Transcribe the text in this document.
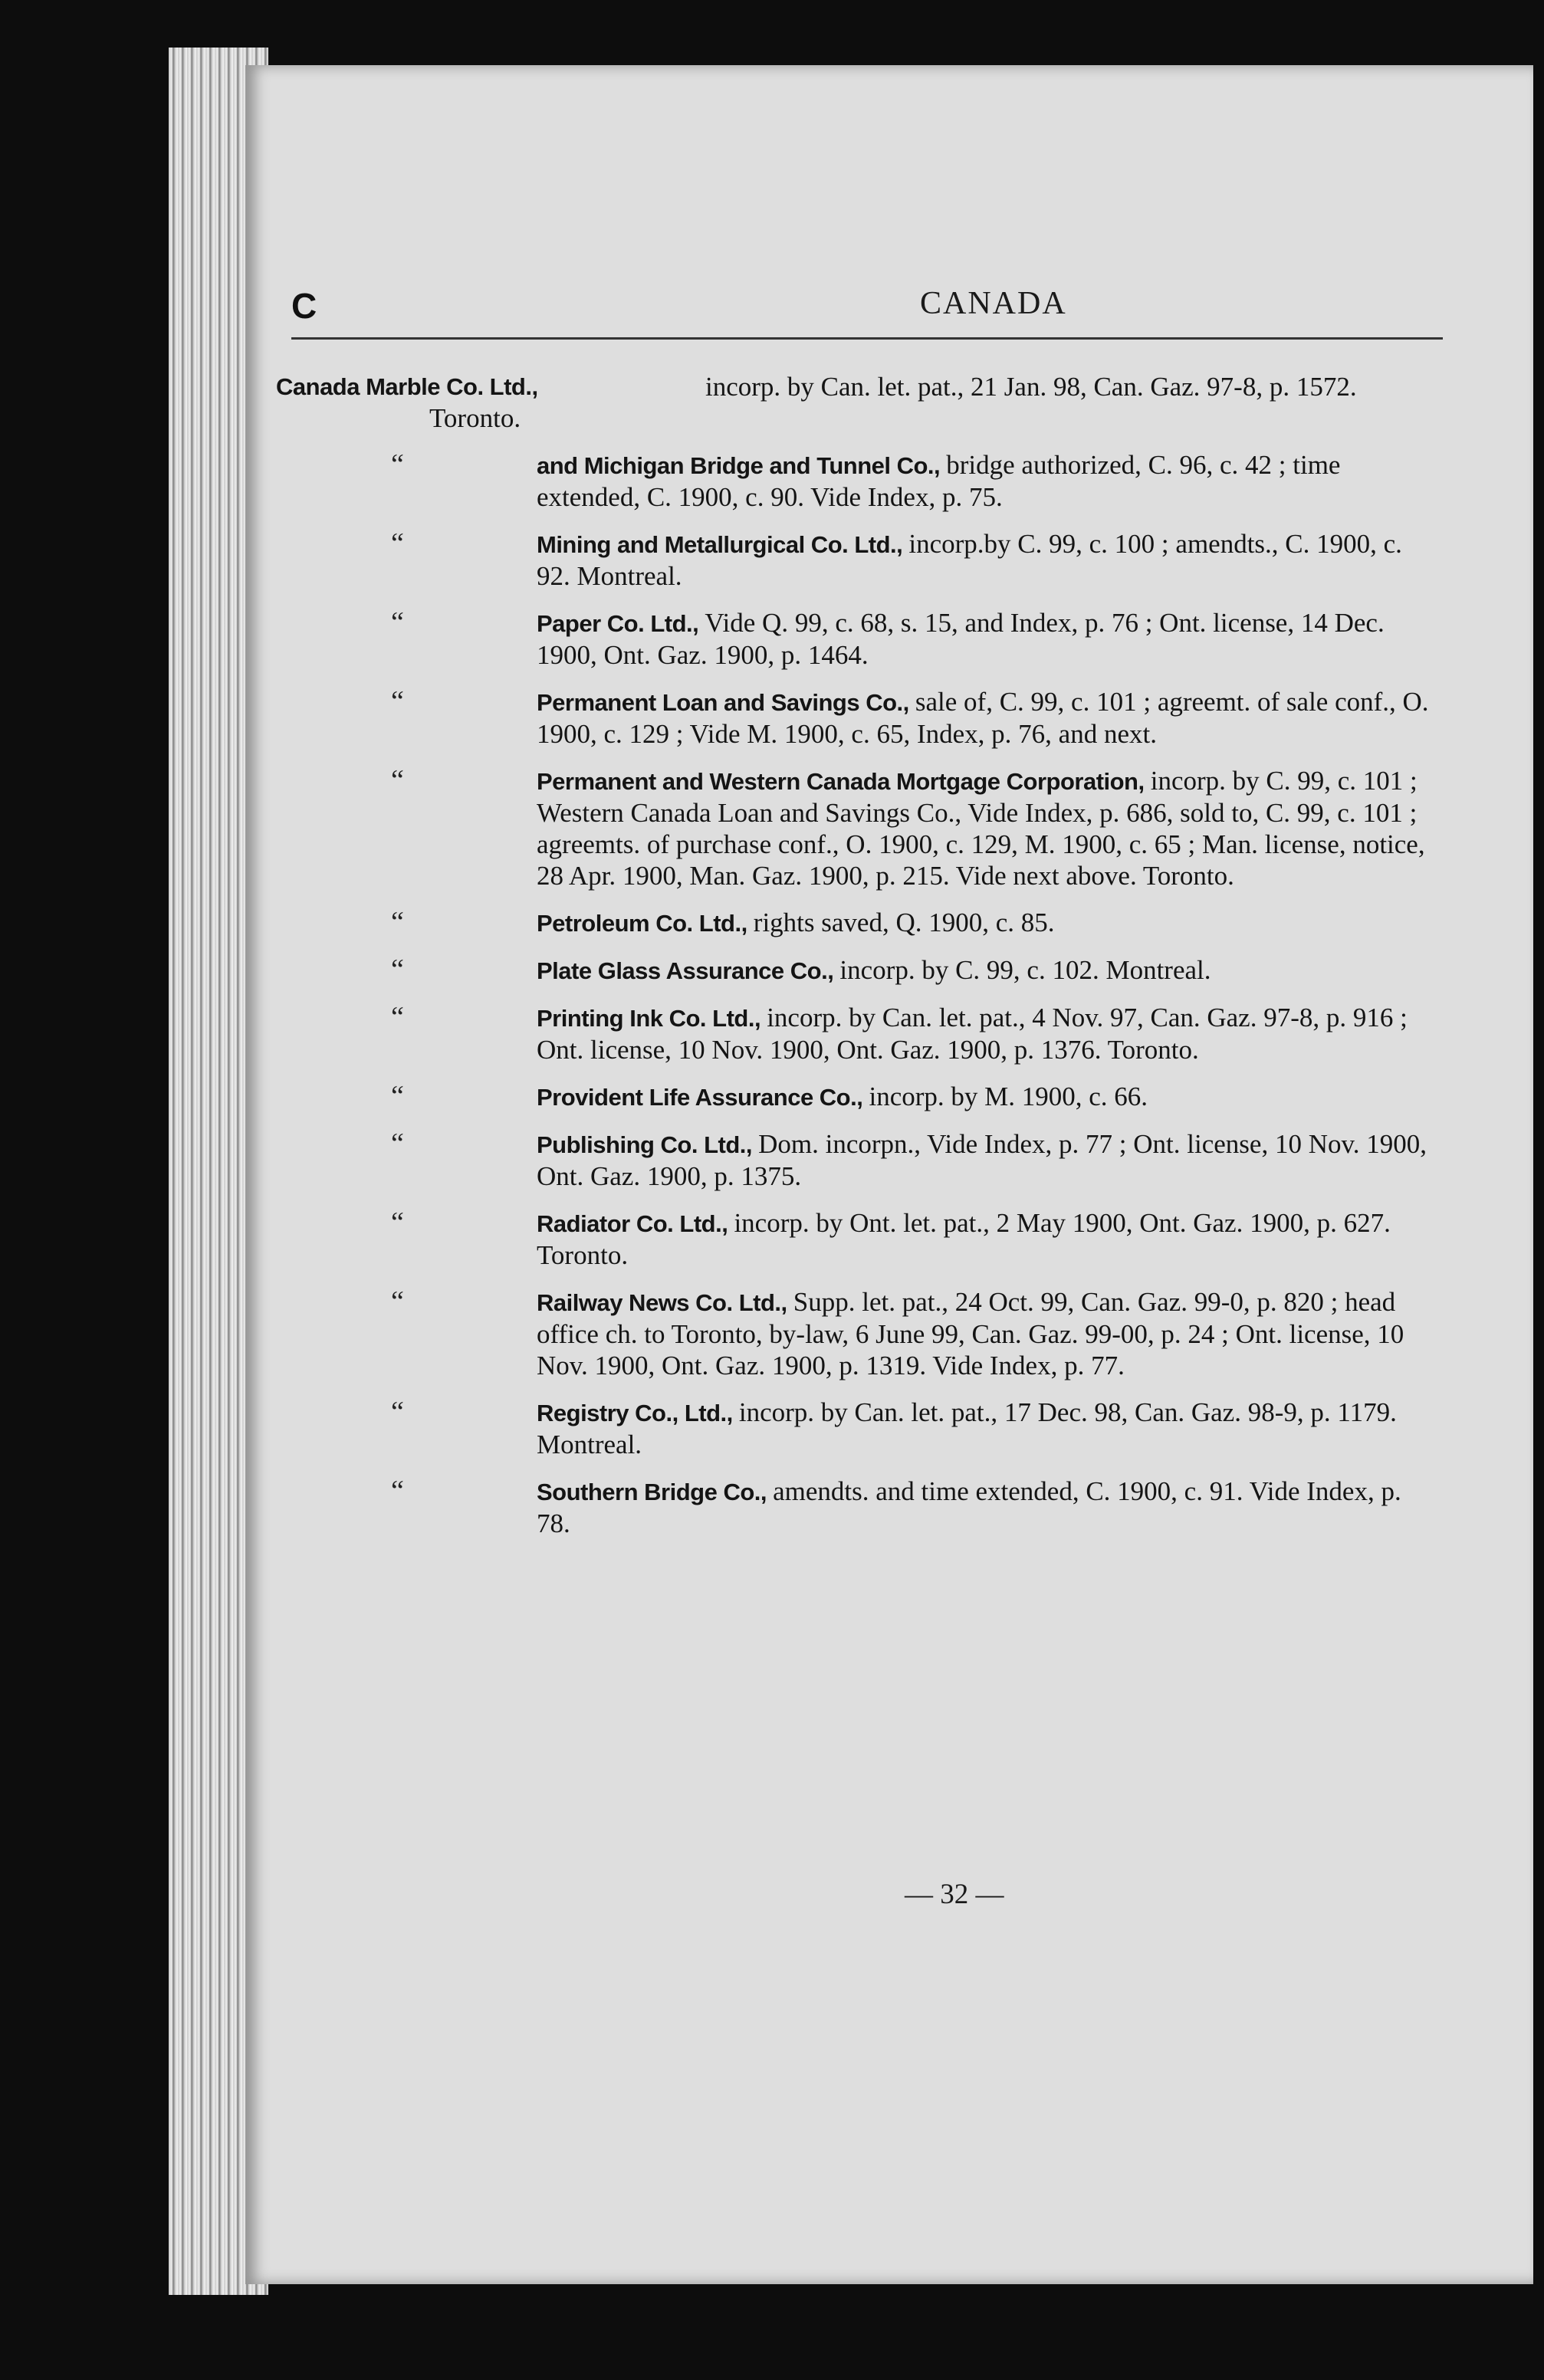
C	CANADA
Canada Marble Co. Ltd.,	incorp. by Can. let. pat., 21 Jan. 98, Can. Gaz. 97-8, p. 1572. Toronto.
“	and Michigan Bridge and Tunnel Co., bridge authorized, C. 96, c. 42 ; time extended, C. 1900, c. 90. Vide Index, p. 75.
“	Mining and Metallurgical Co. Ltd., incorp.by C. 99, c. 100 ; amendts., C. 1900, c. 92. Montreal.
“	Paper Co. Ltd., Vide Q. 99, c. 68, s. 15, and Index, p. 76 ; Ont. license, 14 Dec. 1900, Ont. Gaz. 1900, p. 1464.
“	Permanent Loan and Savings Co., sale of, C. 99, c. 101 ; agreemt. of sale conf., O. 1900, c. 129 ; Vide M. 1900, c. 65, Index, p. 76, and next.
“	Permanent and Western Canada Mortgage Corporation, incorp. by C. 99, c. 101 ; Western Canada Loan and Savings Co., Vide Index, p. 686, sold to, C. 99, c. 101 ; agreemts. of purchase conf., O. 1900, c. 129, M. 1900, c. 65 ; Man. license, notice, 28 Apr. 1900, Man. Gaz. 1900, p. 215. Vide next above. Toronto.
“	Petroleum Co. Ltd., rights saved, Q. 1900, c. 85.
“	Plate Glass Assurance Co., incorp. by C. 99, c. 102. Montreal.
“	Printing Ink Co. Ltd., incorp. by Can. let. pat., 4 Nov. 97, Can. Gaz. 97-8, p. 916 ; Ont. license, 10 Nov. 1900, Ont. Gaz. 1900, p. 1376. Toronto.
“	Provident Life Assurance Co., incorp. by M. 1900, c. 66.
“	Publishing Co. Ltd., Dom. incorpn., Vide Index, p. 77 ; Ont. license, 10 Nov. 1900, Ont. Gaz. 1900, p. 1375.
“	Radiator Co. Ltd., incorp. by Ont. let. pat., 2 May 1900, Ont. Gaz. 1900, p. 627. Toronto.
“	Railway News Co. Ltd., Supp. let. pat., 24 Oct. 99, Can. Gaz. 99-0, p. 820 ; head office ch. to Toronto, by-law, 6 June 99, Can. Gaz. 99-00, p. 24 ; Ont. license, 10 Nov. 1900, Ont. Gaz. 1900, p. 1319. Vide Index, p. 77.
“	Registry Co., Ltd., incorp. by Can. let. pat., 17 Dec. 98, Can. Gaz. 98-9, p. 1179. Montreal.
“	Southern Bridge Co., amendts. and time extended, C. 1900, c. 91. Vide Index, p. 78.
— 32 —
